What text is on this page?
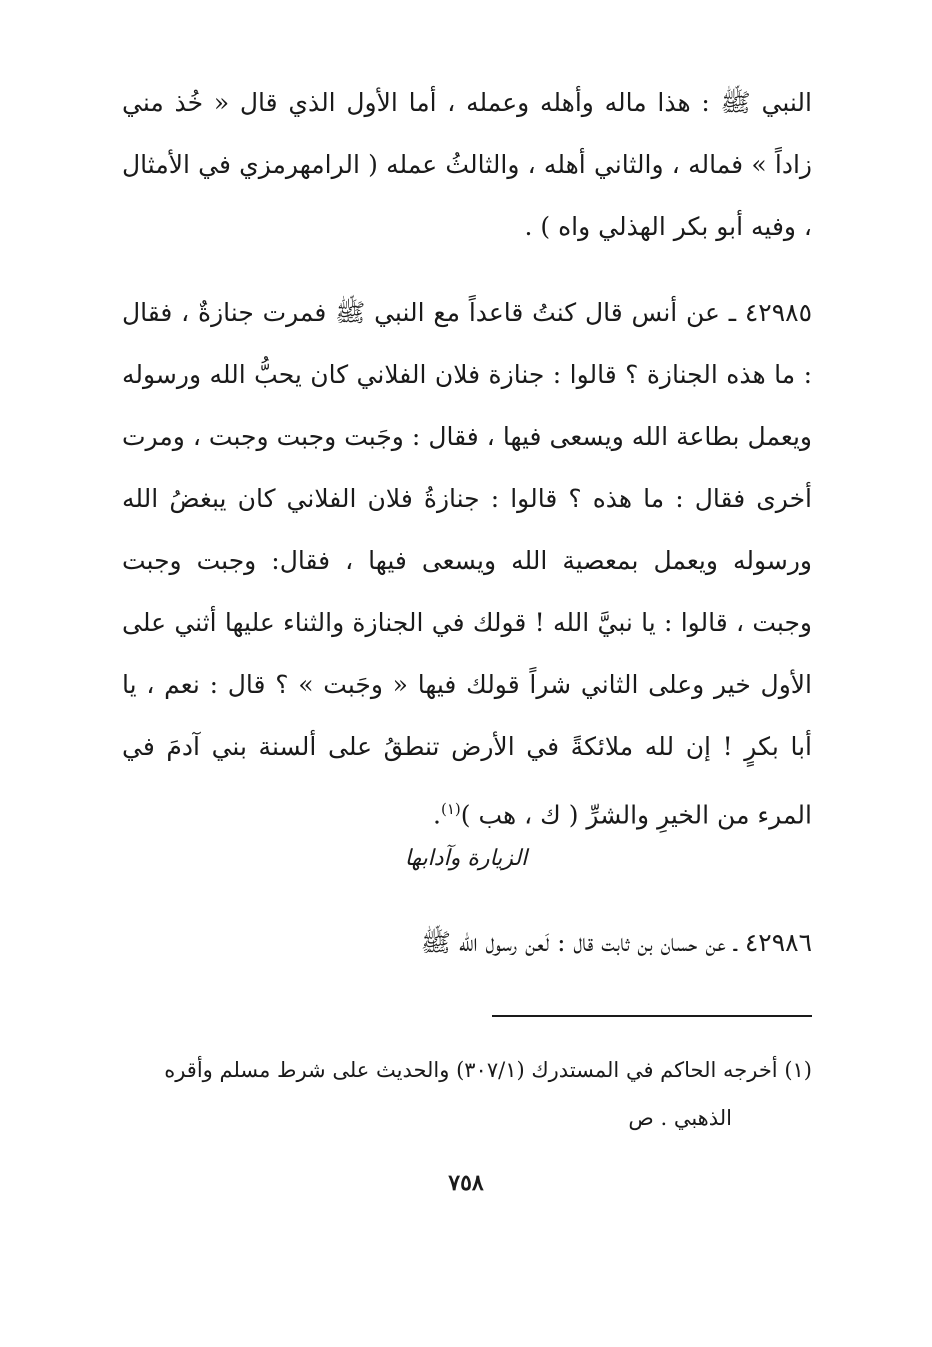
النبي ﷺ : هذا ماله وأهله وعمله ، أما الأول الذي قال « خُذ مني زاداً » فماله ، والثاني أهله ، والثالثُ عمله ( الرامهرمزي في الأمثال ، وفيه أبو بكر الهذلي واه ) .

٤٢٩٨٥ ـ عن أنس قال كنتُ قاعداً مع النبي ﷺ فمرت جنازةٌ ، فقال : ما هذه الجنازة ؟ قالوا : جنازة فلان الفلاني كان يحبُّ الله ورسوله ويعمل بطاعة الله ويسعى فيها ، فقال : وجَبت وجبت وجبت ، ومرت أخرى فقال : ما هذه ؟ قالوا : جنازةُ فلان الفلاني كان يبغضُ الله ورسوله ويعمل بمعصية الله ويسعى فيها ، فقال: وجبت وجبت وجبت ، قالوا : يا نبيَّ الله ! قولك في الجنازة والثناء عليها أثني على الأول خير وعلى الثاني شراً قولك فيها « وجَبت » ؟ قال : نعم ، يا أبا بكرٍ ! إن لله ملائكةً في الأرض تنطقُ على ألسنة بني آدمَ في المرء من الخيرِ والشرِّ ( ك ، هب )$^{(١)}$.

الزيارة وآدابها

٤٢٩٨٦ ـ عن حسان بن ثابت قال : لَعن رسول الله ﷺ

(١) أخرجه الحاكم في المستدرك (٣٠٧/١) والحديث على شرط مسلم وأقره
الذهبي . ص

٧٥٨
